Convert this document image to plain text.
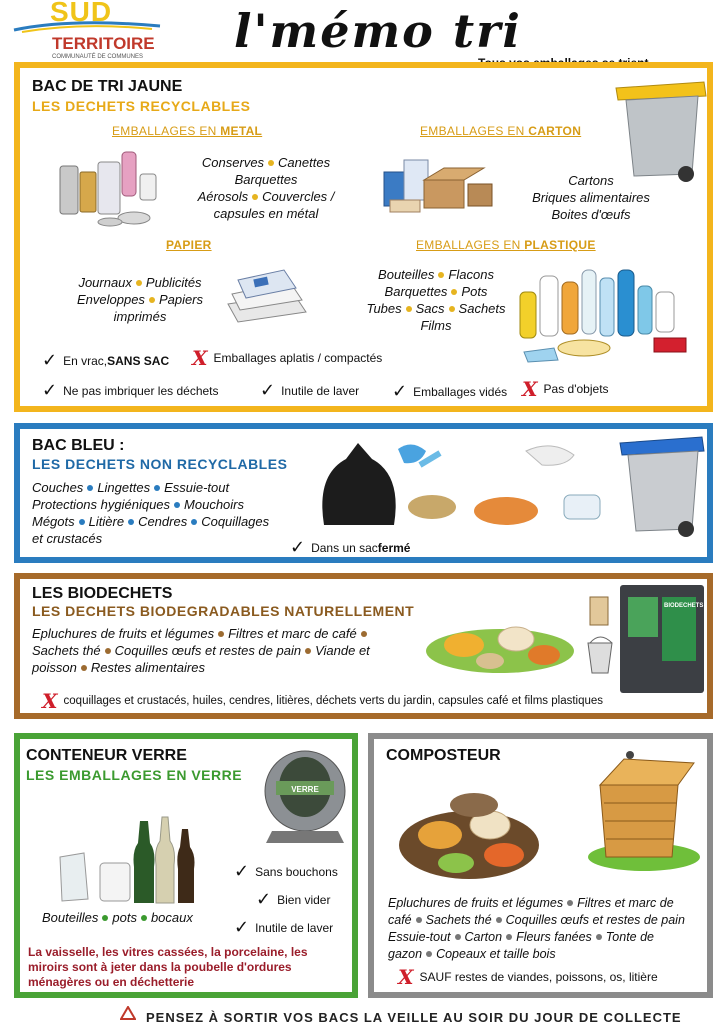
SUD
TERRITOIRE
COMMUNAUTÉ DE COMMUNES l'mémo tri
BAC DE TRI JAUNE
LES DECHETS RECYCLABLES
EMBALLAGES EN METAL
Conserves Canettes
Barquettes
Aérosols Couvercles / capsules en métal
EMBALLAGES EN CARTON
Cartons
Briques alimentaires
Boites d'œufs
PAPIER
Journaux Publicités
Enveloppes Papiers imprimés
EMBALLAGES EN PLASTIQUE
Bouteilles Flacons
Barquettes Pots
Tubes Sacs Sachets
Films
✓ En vrac, SANS SAC X Emballages aplatis / compactés
✓ Ne pas imbriquer les déchets ✓ Inutile de laver ✓ Emballages vidés X Pas d'objets
BAC BLEU :
LES DECHETS NON RECYCLABLES
Couches Lingettes Essuie-tout
Protections hygiéniques Mouchoirs
Mégots Litière Cendres Coquillages
et crustacés	✓ Dans un sac fermé
LES BIODECHETS
LES DECHETS BIODEGRADABLES NATURELLEMENT
Epluchures de fruits et légumes Filtres et marc de café
Sachets thé Coquilles œufs et restes de pain Viande et
poisson Restes alimentaires
BIODECHETS
X coquillages et crustacés, huiles, cendres, litières, déchets verts du jardin, capsules café et films plastiques
CONTENEUR VERRE
LES EMBALLAGES EN VERRE
VERRE
Bouteilles pots bocaux
✓ Sans bouchons
✓ Bien vider
✓ Inutile de laver
La vaisselle, les vitres cassées, la porcelaine, les miroirs sont à jeter dans la poubelle d'ordures ménagères ou en déchetterie
COMPOSTEUR
Epluchures de fruits et légumes Filtres et marc de
café Sachets thé Coquilles œufs et restes de pain
Essuie-tout Carton Fleurs fanées Tonte de
gazon Copeaux et taille bois
X SAUF restes de viandes, poissons, os, litière
PENSEZ À SORTIR VOS BACS LA VEILLE AU SOIR DU JOUR DE COLLECTE
